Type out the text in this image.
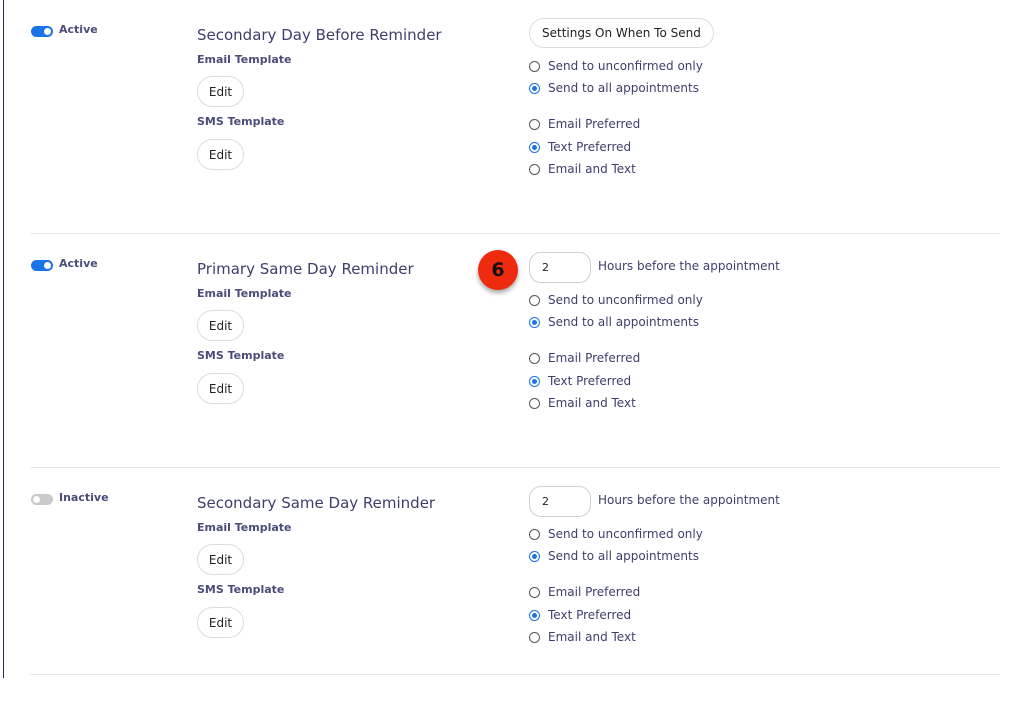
Active	Secondary Day Before Reminder
Email Template
Edit
SMS Template
Edit
Settings On When To Send
Send to unconfirmed only
Send to all appointments
Email Preferred
Text Preferred
Email and Text
Active	Primary Same Day Reminder
Email Template
Edit
SMS Template
Edit
2
Hours before the appointment
6
Send to unconfirmed only
Send to all appointments
Email Preferred
Text Preferred
Email and Text
Inactive	Secondary Same Day Reminder
Email Template
Edit
SMS Template
Edit
2
Hours before the appointment
Send to unconfirmed only
Send to all appointments
Email Preferred
Text Preferred
Email and Text
